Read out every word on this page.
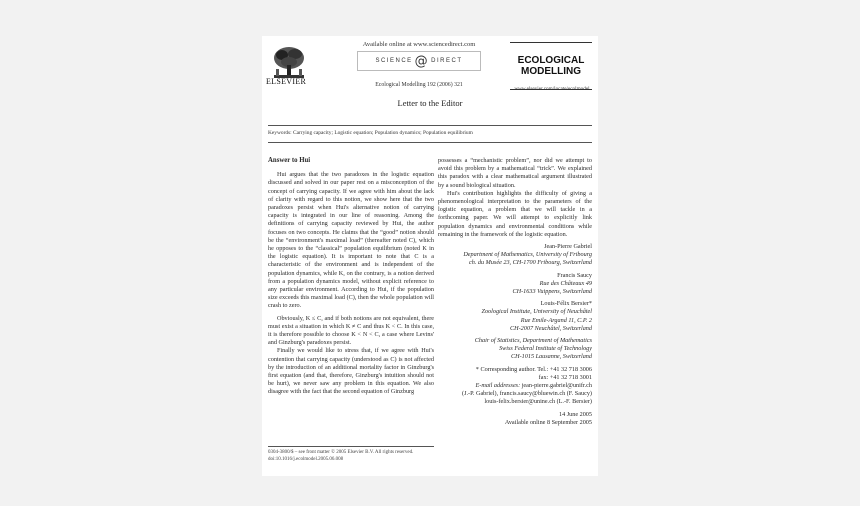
ELSEVIER
Available online at www.sciencedirect.com
SCIENCE @ DIRECT
Ecological Modelling 192 (2006) 321
ECOLOGICAL
MODELLING
www.elsevier.com/locate/ecolmodel
Letter to the Editor
Keywords: Carrying capacity; Logistic equation; Population dynamics; Population equilibrium

Answer to Hui

Hui argues that the two paradoxes in the logistic equation discussed and solved in our paper rest on a misconception of the concept of carrying capacity. If we agree with him about the lack of clarity with regard to this notion, we show here that the two paradoxes persist when Hui's alternative notion of carrying capacity is integrated in our line of reasoning. Among the definitions of carrying capacity reviewed by Hui, the author focuses on two concepts. He claims that the “good” notion should be the “environment's maximal load” (thereafter noted C), which he opposes to the “classical” population equilibrium (noted K in the logistic equation). It is important to note that C is a characteristic of the environment and is independent of the population dynamics, while K, on the contrary, is a notion derived from a population dynamics model, without explicit reference to any particular environment. According to Hui, if the population size exceeds this maximal load (C), then the whole population will crash to zero.

Obviously, K ≤ C, and if both notions are not equivalent, there must exist a situation in which K ≠ C and thus K < C. In this case, it is therefore possible to choose K < N < C, a case where Levins' and Ginzburg's paradoxes persist.

Finally we would like to stress that, if we agree with Hui's contention that carrying capacity (understood as C) is not affected by the introduction of an additional mortality factor in Ginzburg's first equation (and that, therefore, Ginzburg's intuition should not be hurt), we never saw any problem in this equation. We also disagree with the fact that the second equation of Ginzburg

possesses a “mechanistic problem”, nor did we attempt to avoid this problem by a mathematical “trick”. We explained this paradox with a clear mathematical argument illustrated by a sound biological situation.

Hui's contribution highlights the difficulty of giving a phenomenological interpretation to the parameters of the logistic equation, a problem that we will tackle in a forthcoming paper. We will attempt to explicitly link population dynamics and environmental conditions while remaining in the framework of the logistic equation.

Jean-Pierre Gabriel
Department of Mathematics, University of Fribourg
ch. du Musée 23, CH-1700 Fribourg, Switzerland
Francis Saucy
Rue des Châteaux 49
CH-1633 Vuippens, Switzerland
Louis-Félix Bersier*
Zoological Institute, University of Neuchâtel
Rue Emile-Argand 11, C.P. 2
CH-2007 Neuchâtel, Switzerland
Chair of Statistics, Department of Mathematics
Swiss Federal Institute of Technology
CH-1015 Lausanne, Switzerland
* Corresponding author. Tel.: +41 32 718 3006
fax: +41 32 718 3001
E-mail addresses: jean-pierre.gabriel@unifr.ch
(J.-P. Gabriel), francis.saucy@bluewin.ch (F. Saucy)
louis-felix.bersier@unine.ch (L.-F. Bersier)
14 June 2005
Available online 8 September 2005
0304-3800/$ – see front matter © 2005 Elsevier B.V. All rights reserved.
doi:10.1016/j.ecolmodel.2005.06.008
